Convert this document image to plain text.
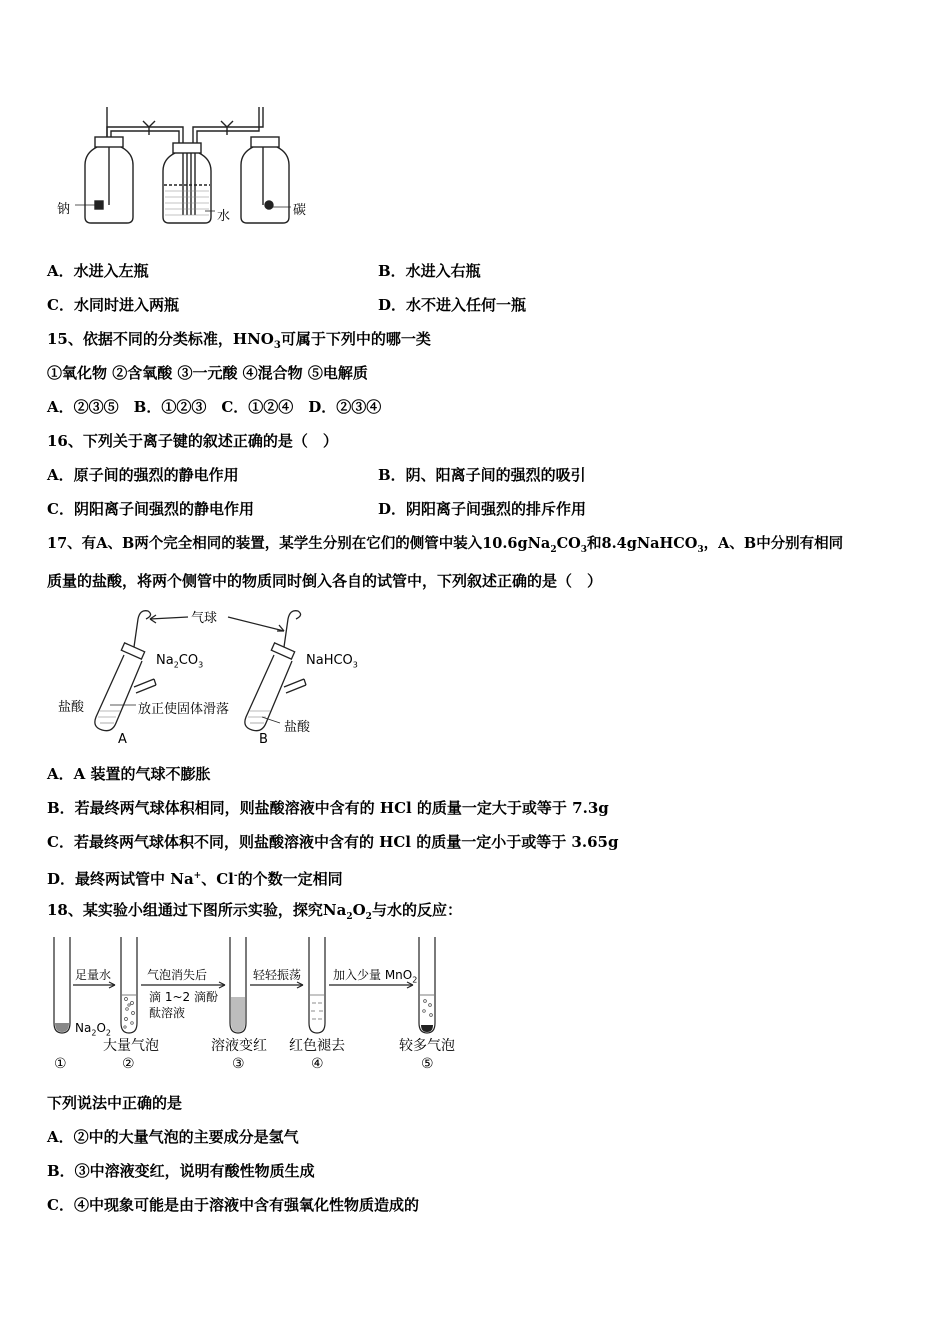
钠	水	碳
A．水进入左瓶	B．水进入右瓶
C．水同时进入两瓶	D．水不进入任何一瓶
15、依据不同的分类标准，$HNO_3$可属于下列中的哪一类
①氧化物 ②含氧酸 ③一元酸 ④混合物 ⑤电解质
A．②③⑤　B．①②③　C．①②④　D．②③④
16、下列关于离子键的叙述正确的是（　）
A．原子间的强烈的静电作用	B．阴、阳离子间的强烈的吸引
C．阴阳离子间强烈的静电作用	D．阴阳离子间强烈的排斥作用
17、有A、B两个完全相同的装置，某学生分别在它们的侧管中装入$10.6gNa_2CO_3$和8.4gNaHCO$_3$，A、B中分别有相同
质量的盐酸，将两个侧管中的物质同时倒入各自的试管中，下列叙述正确的是（　）
气球
$Na_2CO_3$	NaHCO$_3$
盐酸	放正使固体滑落
盐酸
A	B
A．A 装置的气球不膨胀
B．若最终两气球体积相同，则盐酸溶液中含有的 HCl 的质量一定大于或等于 7.3g
C．若最终两气球体积不同，则盐酸溶液中含有的 HCl 的质量一定小于或等于 3.65g
D．最终两试管中 Na+、Cl-的个数一定相同
18、某实验小组通过下图所示实验，探究$Na_2O_2$与水的反应：
足量水	气泡消失后
滴 1~2 滴酚
酞溶液
轻轻振荡	加入少量 MnO$_2$
$Na_2O_2$
大量气泡	溶液变红 红色褪去	较多气泡
①	②	③	④	⑤
下列说法中正确的是
A．②中的大量气泡的主要成分是氢气
B．③中溶液变红，说明有酸性物质生成
C．④中现象可能是由于溶液中含有强氧化性物质造成的
